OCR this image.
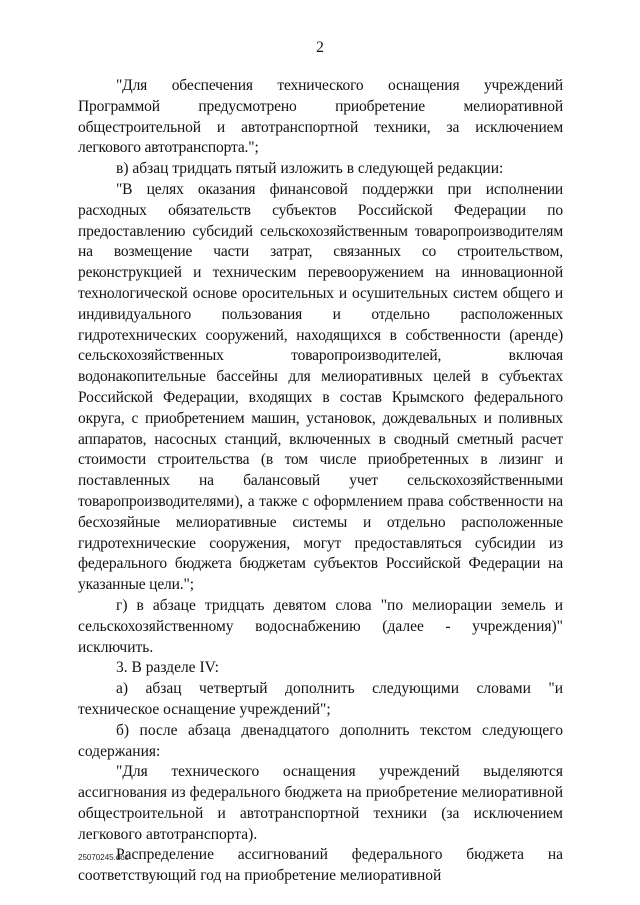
2

"Для обеспечения технического оснащения учреждений Программой предусмотрено приобретение мелиоративной общестроительной и автотранспортной техники, за исключением легкового автотранспорта.";

в) абзац тридцать пятый изложить в следующей редакции:

"В целях оказания финансовой поддержки при исполнении расходных обязательств субъектов Российской Федерации по предоставлению субсидий сельскохозяйственным товаропроизводителям на возмещение части затрат, связанных со строительством, реконструкцией и техническим перевооружением на инновационной технологической основе оросительных и осушительных систем общего и индивидуального пользования и отдельно расположенных гидротехнических сооружений, находящихся в собственности (аренде) сельскохозяйственных товаропроизводителей, включая водонакопительные бассейны для мелиоративных целей в субъектах Российской Федерации, входящих в состав Крымского федерального округа, с приобретением машин, установок, дождевальных и поливных аппаратов, насосных станций, включенных в сводный сметный расчет стоимости строительства (в том числе приобретенных в лизинг и поставленных на балансовый учет сельскохозяйственными товаропроизводителями), а также с оформлением права собственности на бесхозяйные мелиоративные системы и отдельно расположенные гидротехнические сооружения, могут предоставляться субсидии из федерального бюджета бюджетам субъектов Российской Федерации на указанные цели.";

г) в абзаце тридцать девятом слова "по мелиорации земель и сельскохозяйственному водоснабжению (далее - учреждения)" исключить.

3. В разделе IV:

а) абзац четвертый дополнить следующими словами "и техническое оснащение учреждений";

б) после абзаца двенадцатого дополнить текстом следующего содержания:

"Для технического оснащения учреждений выделяются ассигнования из федерального бюджета на приобретение мелиоративной общестроительной и автотранспортной техники (за исключением легкового автотранспорта).

Распределение ассигнований федерального бюджета на соответствующий год на приобретение мелиоративной

25070245.doc
